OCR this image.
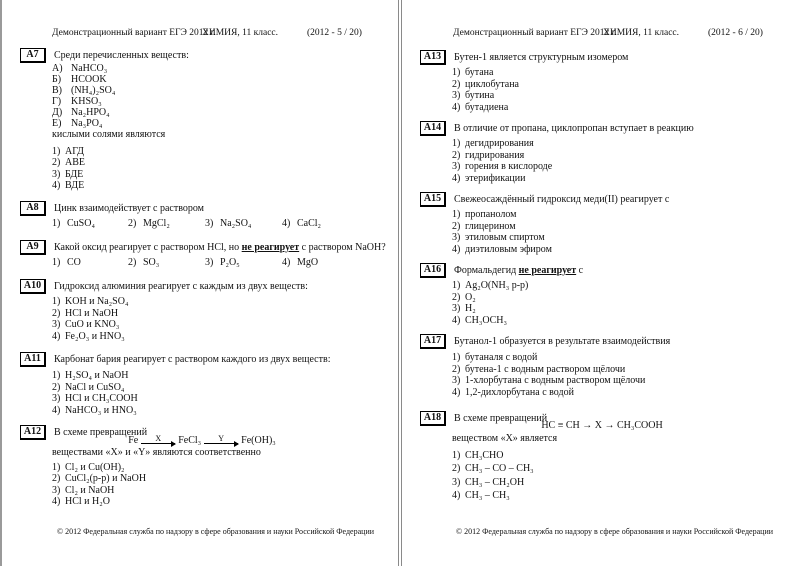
Демонстрационный вариант ЕГЭ 2012 г.
ХИМИЯ, 11 класс.	(2012 - 5 / 20)
A7	Среди перечисленных веществ:
А) NaHCO₃
Б) HCOOK
В) (NH₄)₂SO₄
Г) KHSO₃
Д) Na₂HPO₄
Е) Na₃PO₄
кислыми солями являются
1) АГД
2) АВЕ
3) БДЕ
4) ВДЕ
A8	Цинк взаимодействует с раствором
1) CuSO₄	2) MgCl₂	3) Na₂SO₄	4) CaCl₂
A9	Какой оксид реагирует с раствором HCl, но не реагирует с раствором NaOH?
1) CO	2) SO₃	3) P₂O₅	4) MgO
A10	Гидроксид алюминия реагирует с каждым из двух веществ:
1) KOH и Na₂SO₄
2) HCl и NaOH
3) CuO и KNO₃
4) Fe₂O₃ и HNO₃
A11	Карбонат бария реагирует с раствором каждого из двух веществ:
1) H₂SO₄ и NaOH
2) NaCl и CuSO₄
3) HCl и CH₃COOH
4) NaHCO₃ и HNO₃
A12	В схеме превращений
Fe	X	FeCl₃	Y	Fe(OH)₃
веществами «X» и «Y» являются соответственно
1) Cl₂ и Cu(OH)₂
2) CuCl₂(р-р) и NaOH
3) Cl₂ и NaOH
4) HCl и H₂O
© 2012 Федеральная служба по надзору в сфере образования и науки Российской Федерации
Демонстрационный вариант ЕГЭ 2012 г.
ХИМИЯ, 11 класс.	(2012 - 6 / 20)
A13	Бутен-1 является структурным изомером
1) бутана
2) циклобутана
3) бутина
4) бутадиена
A14	В отличие от пропана, циклопропан вступает в реакцию
1) дегидрирования
2) гидрирования
3) горения в кислороде
4) этерификации
A15	Свежеосаждённый гидроксид меди(II) реагирует с
1) пропанолом
2) глицерином
3) этиловым спиртом
4) диэтиловым эфиром
A16	Формальдегид не реагирует с
1) Ag₂O(NH₃ р-р)
2) O₂
3) H₂
4) CH₃OCH₃
A17	Бутанол-1 образуется в результате взаимодействия
1) бутаналя с водой
2) бутена-1 с водным раствором щёлочи
3) 1-хлорбутана с водным раствором щёлочи
4) 1,2-дихлорбутана с водой
A18	В схеме превращений
HC ≡ CH → X → CH₃COOH
веществом «X» является
1) CH₃CHO
2) CH₃ – CO – CH₃
3) CH₃ – CH₂OH
4) CH₃ – CH₃
© 2012 Федеральная служба по надзору в сфере образования и науки Российской Федерации
